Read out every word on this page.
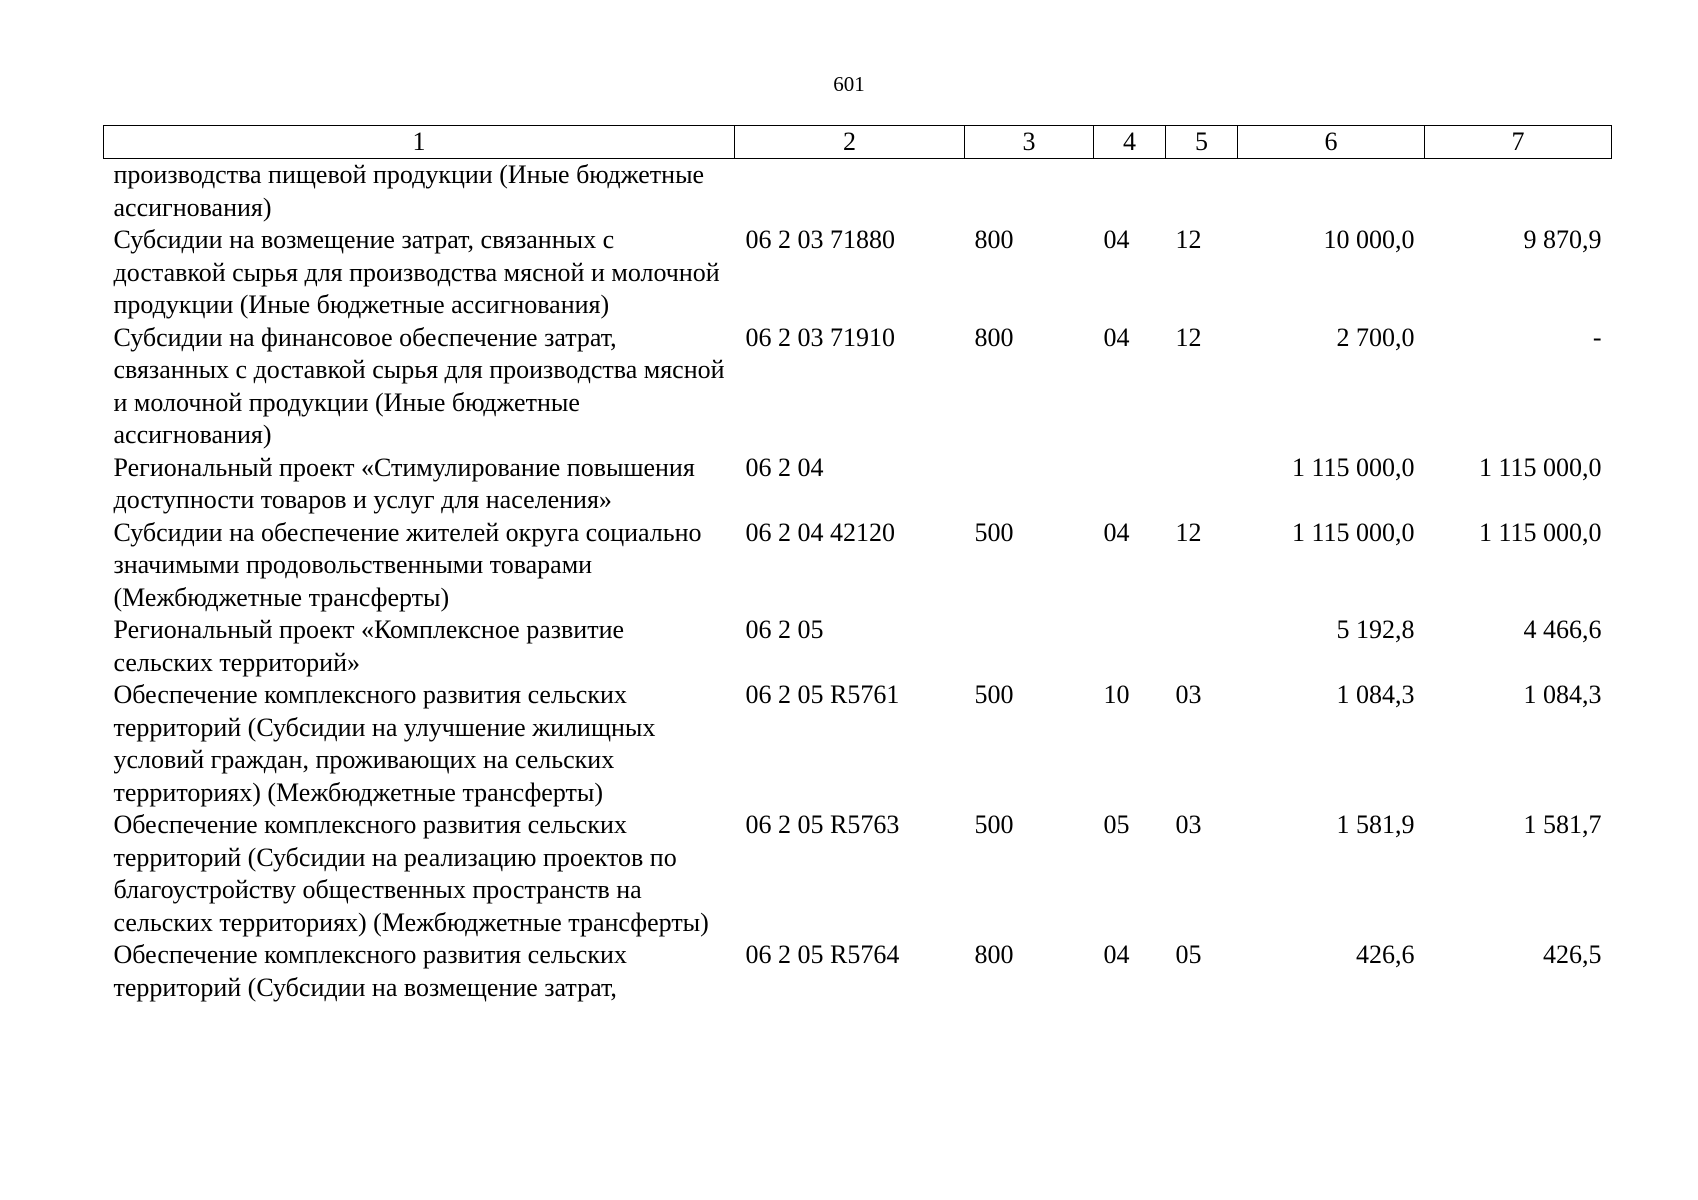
601
1	2	3	4	5	6	7
производства пищевой продукции (Иные бюджетные ассигнования)						
Субсидии на возмещение затрат, связанных с доставкой сырья для производства мясной и молочной продукции (Иные бюджетные ассигнования)	06 2 03 71880	800	04	12	10 000,0	9 870,9
Субсидии на финансовое обеспечение затрат, связанных с доставкой сырья для производства мясной и молочной продукции (Иные бюджетные ассигнования)	06 2 03 71910	800	04	12	2 700,0	-
Региональный проект «Стимулирование повышения доступности товаров и услуг для населения»	06 2 04				1 115 000,0	1 115 000,0
Субсидии на обеспечение жителей округа социально значимыми продовольственными товарами (Межбюджетные трансферты)	06 2 04 42120	500	04	12	1 115 000,0	1 115 000,0
Региональный проект «Комплексное развитие сельских территорий»	06 2 05				5 192,8	4 466,6
Обеспечение комплексного развития сельских территорий (Субсидии на улучшение жилищных условий граждан, проживающих на сельских территориях) (Межбюджетные трансферты)	06 2 05 R5761	500	10	03	1 084,3	1 084,3
Обеспечение комплексного развития сельских территорий (Субсидии на реализацию проектов по благоустройству общественных пространств на сельских территориях) (Межбюджетные трансферты)	06 2 05 R5763	500	05	03	1 581,9	1 581,7
Обеспечение комплексного развития сельских территорий (Субсидии на возмещение затрат,	06 2 05 R5764	800	04	05	426,6	426,5
